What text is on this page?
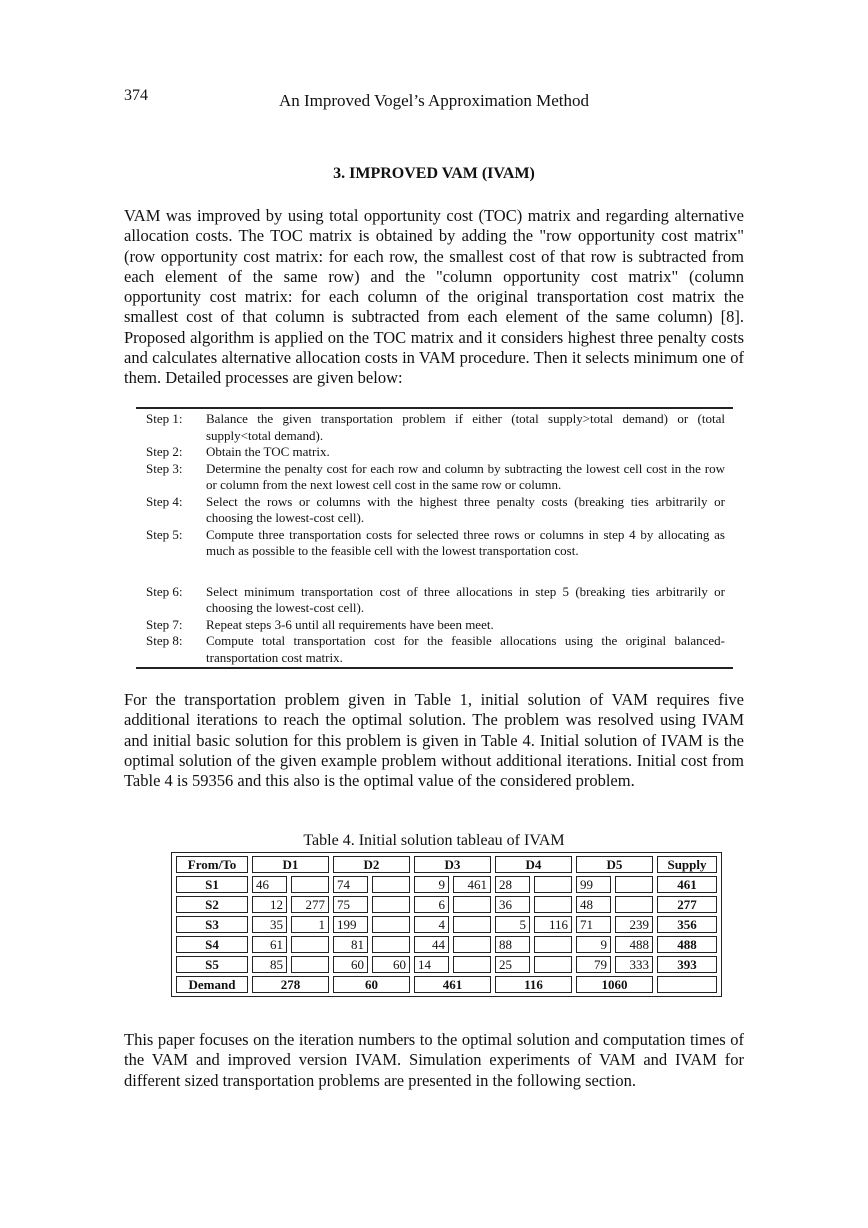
374	An Improved Vogel’s Approximation Method
3. IMPROVED VAM (IVAM)
VAM was improved by using total opportunity cost (TOC) matrix and regarding alternative allocation costs. The TOC matrix is obtained by adding the "row opportunity cost matrix" (row opportunity cost matrix: for each row, the smallest cost of that row is subtracted from each element of the same row) and the "column opportunity cost matrix" (column opportunity cost matrix: for each column of the original transportation cost matrix the smallest cost of that column is subtracted from each element of the same column) [8]. Proposed algorithm is applied on the TOC matrix and it considers highest three penalty costs and calculates alternative allocation costs in VAM procedure. Then it selects minimum one of them. Detailed processes are given below:
Step 1:	Balance the given transportation problem if either (total supply>total demand) or (total supply<total demand).
Step 2:	Obtain the TOC matrix.
Step 3:	Determine the penalty cost for each row and column by subtracting the lowest cell cost in the row or column from the next lowest cell cost in the same row or column.
Step 4:	Select the rows or columns with the highest three penalty costs (breaking ties arbitrarily or choosing the lowest-cost cell).
Step 5:	Compute three transportation costs for selected three rows or columns in step 4 by allocating as much as possible to the feasible cell with the lowest transportation cost.
Step 6:	Select minimum transportation cost of three allocations in step 5 (breaking ties arbitrarily or choosing the lowest-cost cell).
Step 7:	Repeat steps 3-6 until all requirements have been meet.
Step 8:	Compute total transportation cost for the feasible allocations using the original balanced-transportation cost matrix.
For the transportation problem given in Table 1, initial solution of VAM requires five additional iterations to reach the optimal solution. The problem was resolved using IVAM and initial basic solution for this problem is given in Table 4. Initial solution of IVAM is the optimal solution of the given example problem without additional iterations. Initial cost from Table 4 is 59356 and this also is the optimal value of the considered problem.
Table 4. Initial solution tableau of IVAM
From/To	D1		D2		D3		D4		D5		Supply
S1	46		74		9	461	28		99		461
S2	12	277	75		6		36		48		277
S3	35	1	199		4		5	116	71	239	356
S4	61		81		44		88		9	488	488
S5	85		60	60	14		25		79	333	393
Demand	278		60		461		116		1060		
This paper focuses on the iteration numbers to the optimal solution and computation times of the VAM and improved version IVAM. Simulation experiments of VAM and IVAM for different sized transportation problems are presented in the following section.
